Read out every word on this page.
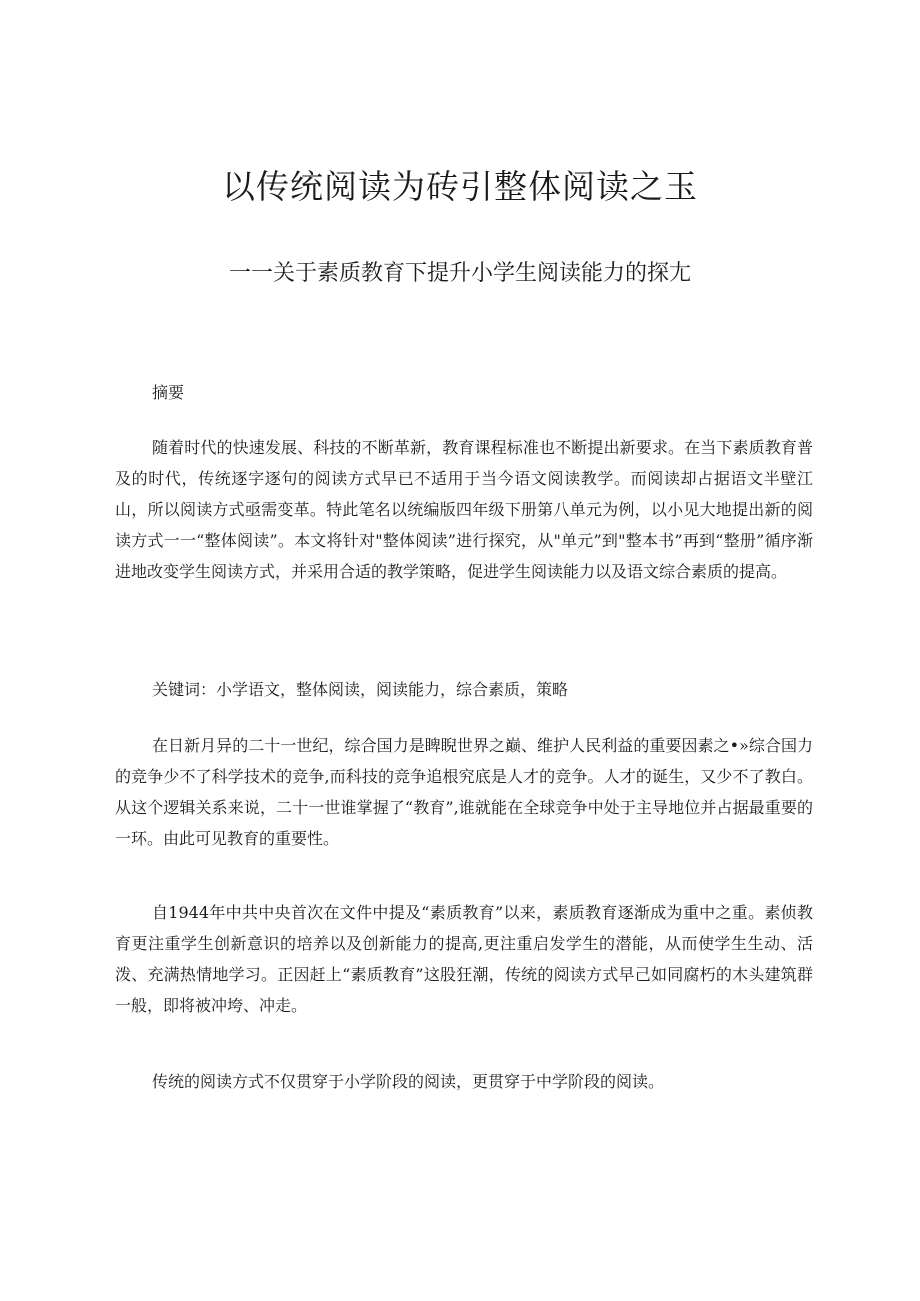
以传统阅读为砖引整体阅读之玉
一一关于素质教育下提升小学生阅读能力的探尢

摘要

随着时代的快速发展、科技的不断革新，教育课程标准也不断提出新要求。在当下素质教育普及的时代，传统逐字逐句的阅读方式早已不适用于当今语文阅读教学。而阅读却占据语文半壁江山，所以阅读方式亟需变革。特此笔名以统编版四年级下册第八单元为例，以小见大地提出新的阅读方式一一“整体阅读”。本文将针对"整体阅读”进行探究，从"单元”到"整本书”再到“整册”循序渐进地改变学生阅读方式，并采用合适的教学策略，促进学生阅读能力以及语文综合素质的提高。

关键词：小学语文，整体阅读，阅读能力，综合素质，策略

在日新月异的二十一世纪，综合国力是睥睨世界之巅、维护人民利益的重要因素之•»综合国力的竞争少不了科学技术的竞争,而科技的竞争追根究底是人才的竞争。人才的诞生，又少不了教白。从这个逻辑关系来说，二十一世谁掌握了“教育”,谁就能在全球竞争中处于主导地位并占据最重要的一环。由此可见教育的重要性。

自1944年中共中央首次在文件中提及“素质教育”以来，素质教育逐渐成为重中之重。素侦教育更注重学生创新意识的培养以及创新能力的提高,更注重启发学生的潜能，从而使学生生动、活泼、充满热情地学习。正因赶上“素质教育”这股狂潮，传统的阅读方式早己如同腐朽的木头建筑群一般，即将被冲垮、冲走。

传统的阅读方式不仅贯穿于小学阶段的阅读，更贯穿于中学阶段的阅读。
